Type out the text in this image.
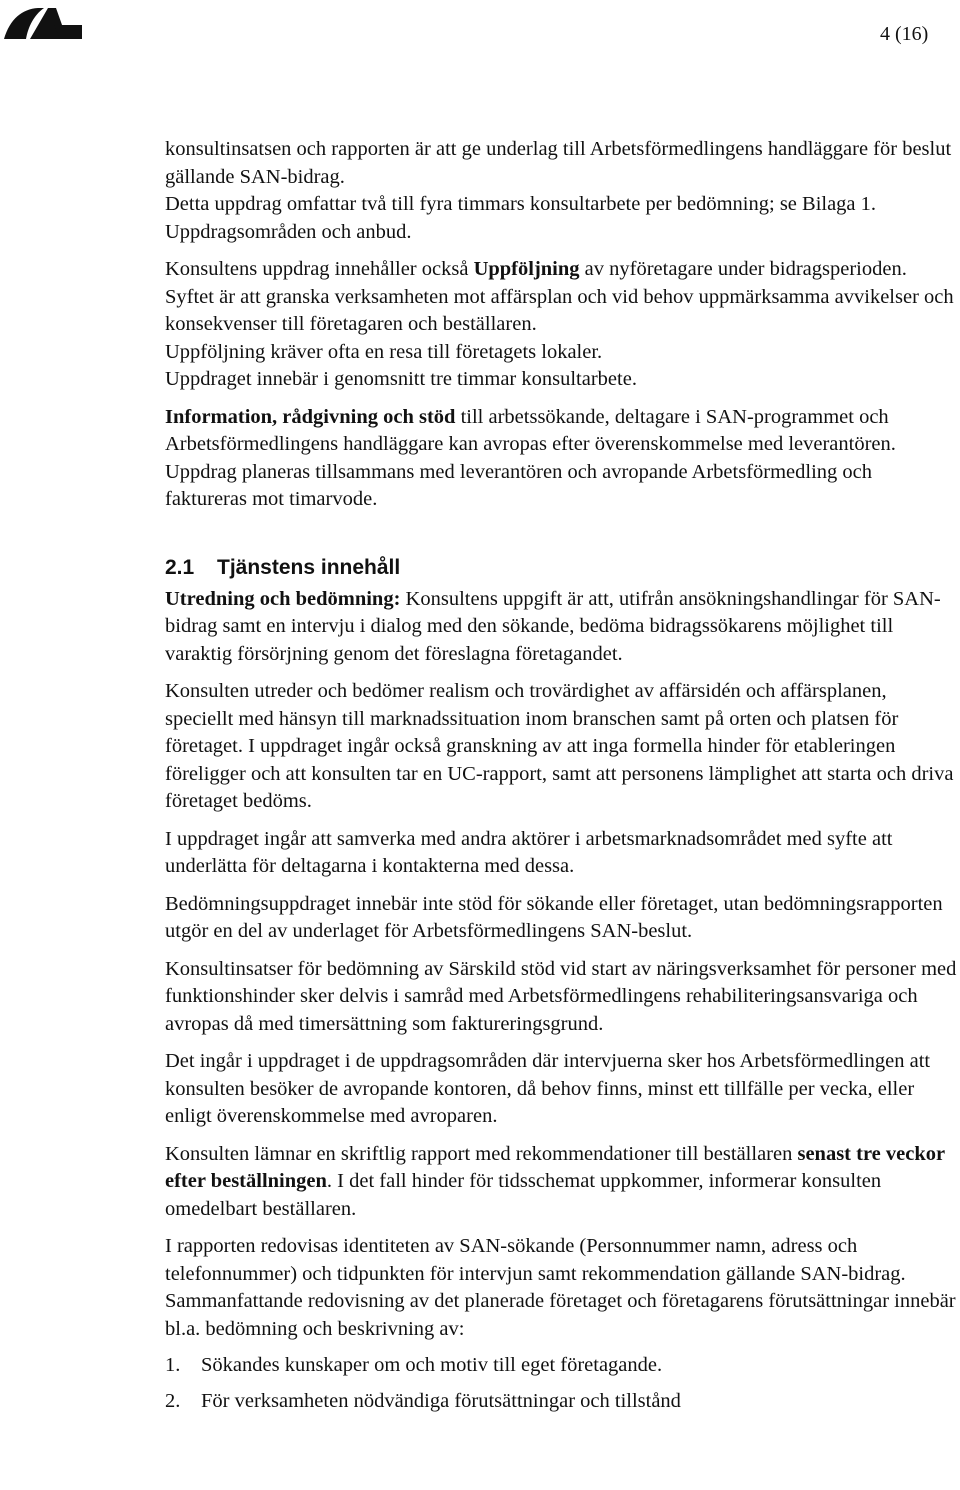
4 (16)

konsultinsatsen och rapporten är att ge underlag till Arbetsförmedlingens handläggare för beslut gällande SAN-bidrag.

Detta uppdrag omfattar två till fyra timmars konsultarbete per bedömning; se Bilaga 1. Uppdragsområden och anbud.

Konsultens uppdrag innehåller också Uppföljning av nyföretagare under bidragsperioden. Syftet är att granska verksamheten mot affärsplan och vid behov uppmärksamma avvikelser och konsekvenser till företagaren och beställaren.

Uppföljning kräver ofta en resa till företagets lokaler.

Uppdraget innebär i genomsnitt tre timmar konsultarbete.

Information, rådgivning och stöd till arbetssökande, deltagare i SAN-programmet och Arbetsförmedlingens handläggare kan avropas efter överenskommelse med leverantören. Uppdrag planeras tillsammans med leverantören och avropande Arbetsförmedling och faktureras mot timarvode.

2.1 Tjänstens innehåll

Utredning och bedömning: Konsultens uppgift är att, utifrån ansökningshandlingar för SAN-bidrag samt en intervju i dialog med den sökande, bedöma bidragssökarens möjlighet till varaktig försörjning genom det föreslagna företagandet.

Konsulten utreder och bedömer realism och trovärdighet av affärsidén och affärsplanen, speciellt med hänsyn till marknadssituation inom branschen samt på orten och platsen för företaget. I uppdraget ingår också granskning av att inga formella hinder för etableringen föreligger och att konsulten tar en UC-rapport, samt att personens lämplighet att starta och driva företaget bedöms.

I uppdraget ingår att samverka med andra aktörer i arbetsmarknadsområdet med syfte att underlätta för deltagarna i kontakterna med dessa.

Bedömningsuppdraget innebär inte stöd för sökande eller företaget, utan bedömningsrapporten utgör en del av underlaget för Arbetsförmedlingens SAN-beslut.

Konsultinsatser för bedömning av Särskild stöd vid start av näringsverksamhet för personer med funktionshinder sker delvis i samråd med Arbetsförmedlingens rehabiliteringsansvariga och avropas då med timersättning som faktureringsgrund.

Det ingår i uppdraget i de uppdragsområden där intervjuerna sker hos Arbetsförmedlingen att konsulten besöker de avropande kontoren, då behov finns, minst ett tillfälle per vecka, eller enligt överenskommelse med avroparen.

Konsulten lämnar en skriftlig rapport med rekommendationer till beställaren senast tre veckor efter beställningen. I det fall hinder för tidsschemat uppkommer, informerar konsulten omedelbart beställaren.

I rapporten redovisas identiteten av SAN-sökande (Personnummer namn, adress och telefonnummer) och tidpunkten för intervjun samt rekommendation gällande SAN-bidrag. Sammanfattande redovisning av det planerade företaget och företagarens förutsättningar innebär bl.a. bedömning och beskrivning av:

1. Sökandes kunskaper om och motiv till eget företagande.
2. För verksamheten nödvändiga förutsättningar och tillstånd
